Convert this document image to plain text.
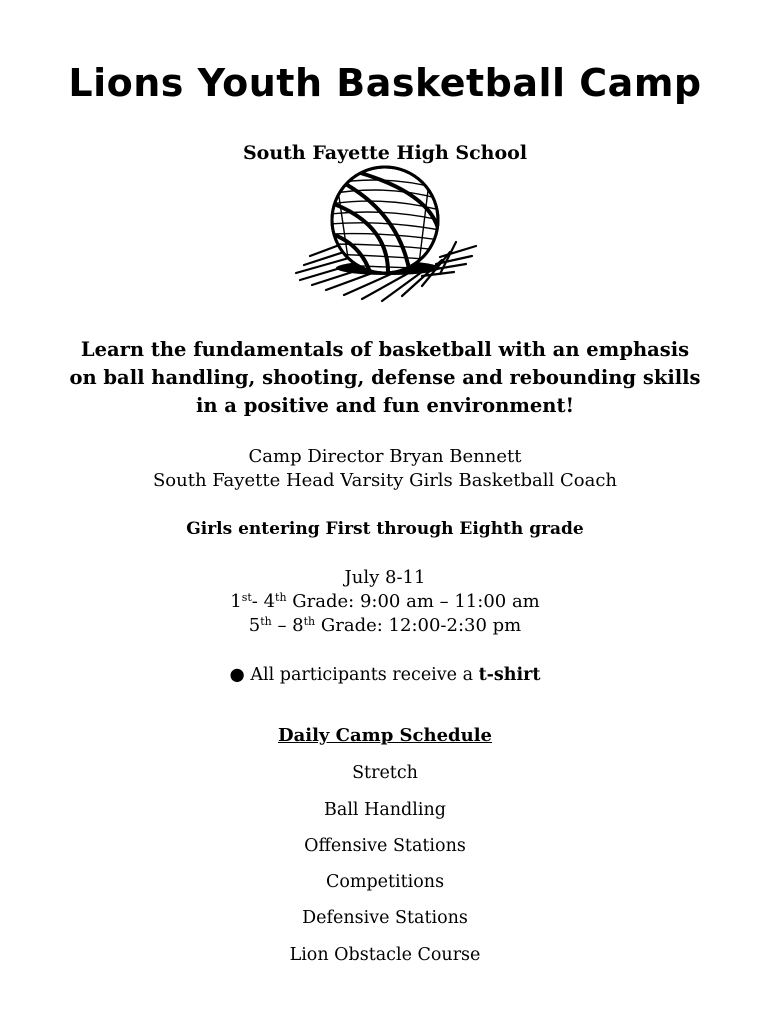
Lions Youth Basketball Camp
South Fayette High School
Learn the fundamentals of basketball with an emphasis
on ball handling, shooting, defense and rebounding skills
in a positive and fun environment!
Camp Director Bryan Bennett
South Fayette Head Varsity Girls Basketball Coach
Girls entering First through Eighth grade
July 8-11
1st- 4th Grade: 9:00 am – 11:00 am
5th – 8th Grade: 12:00-2:30 pm
● All participants receive a t-shirt
Daily Camp Schedule
Stretch
Ball Handling
Offensive Stations
Competitions
Defensive Stations
Lion Obstacle Course
